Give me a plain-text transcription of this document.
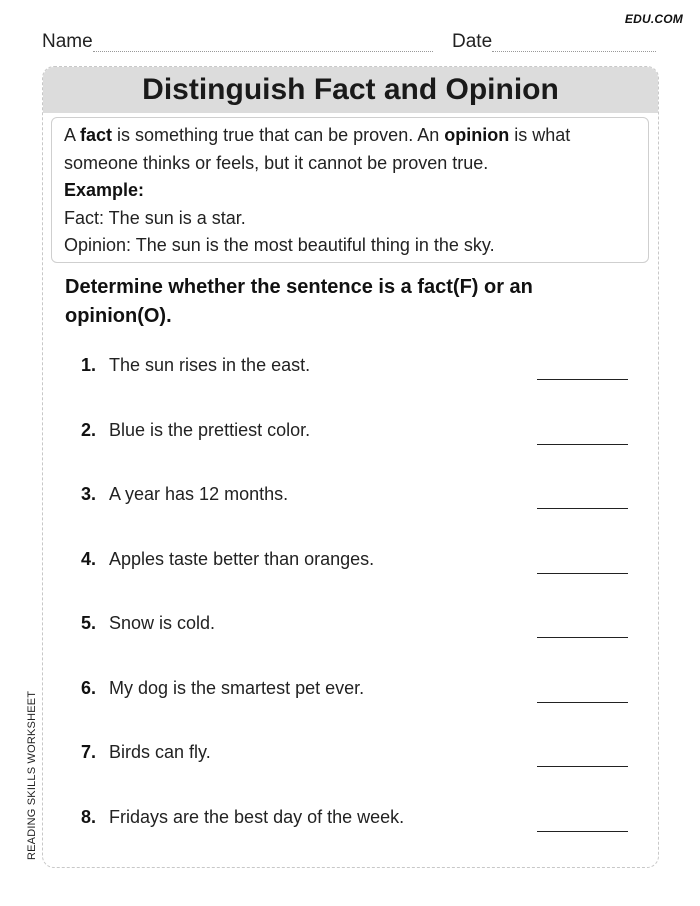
EDU.COM
Name	Date
Distinguish Fact and Opinion
A fact is something true that can be proven. An opinion is what
someone thinks or feels, but it cannot be proven true.
Example:
Fact: The sun is a star.
Opinion: The sun is the most beautiful thing in the sky.
Determine whether the sentence is a fact(F) or an opinion(O).
1. The sun rises in the east.
2. Blue is the prettiest color.
3. A year has 12 months.
4. Apples taste better than oranges.
5. Snow is cold.
6. My dog is the smartest pet ever.
7. Birds can fly.
8. Fridays are the best day of the week.
READING SKILLS WORKSHEET
